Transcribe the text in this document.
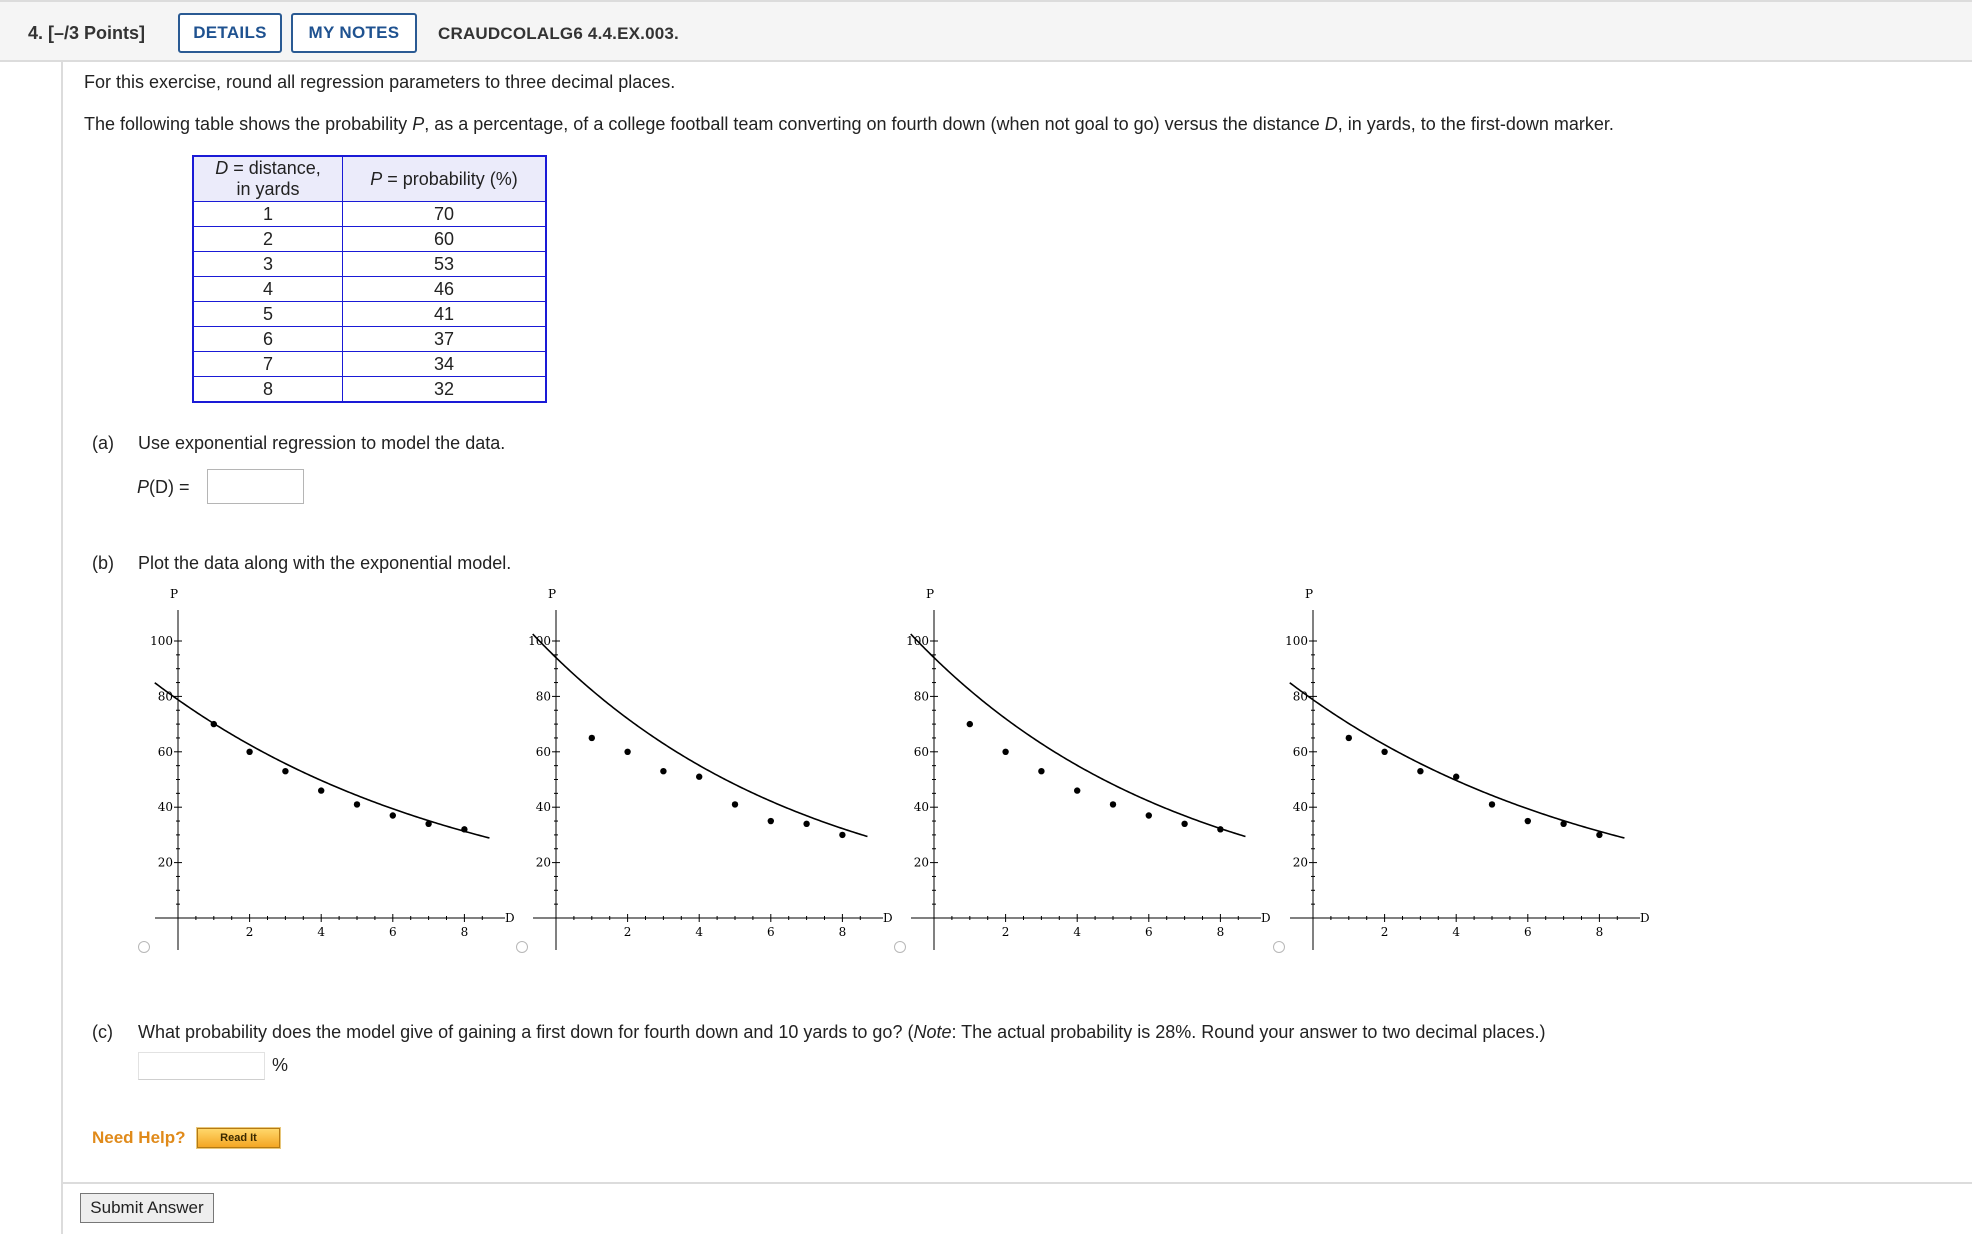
4. [–/3 Points]	DETAILS	MY NOTES	CRAUDCOLALG6 4.4.EX.003.
For this exercise, round all regression parameters to three decimal places.
The following table shows the probability P, as a percentage, of a college football team converting on fourth down (when not goal to go) versus the distance D, in yards, to the first-down marker.
D = distance,
in yards	P = probability (%)
1	70
2	60
3	53
4	46
5	41
6	37
7	34
8	32
(a) Use exponential regression to model the data.
P(D) =
(b) Plot the data along with the exponential model.
P
D
2	4	6	8
20
40
60
80
100
P
D
2	4	6	8
20
40
60
80
100
P
D
2	4	6	8
20
40
60
80
100
P
D
2	4	6	8
20
40
60
80
100
(c) What probability does the model give of gaining a first down for fourth down and 10 yards to go? (Note: The actual probability is 28%. Round your answer to two decimal places.)
%
Need Help?	Read It
Submit Answer
